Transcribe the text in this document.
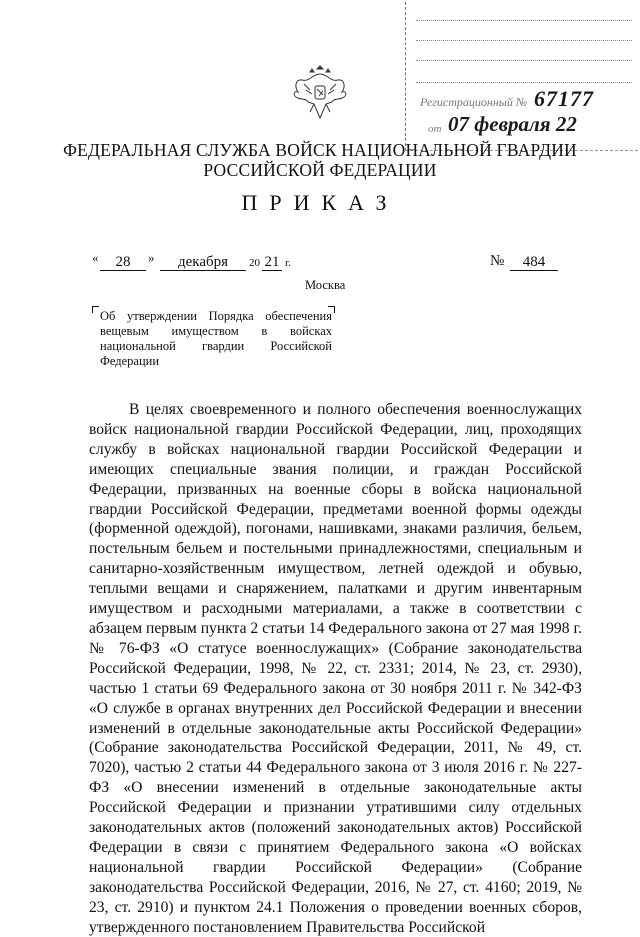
Регистрационный № 67177
от 07 февраля 22
ФЕДЕРАЛЬНАЯ СЛУЖБА ВОЙСК НАЦИОНАЛЬНОЙ ГВАРДИИ
РОССИЙСКОЙ ФЕДЕРАЦИИ
ПРИКАЗ
«	28	»	декабря	20 21 г.	№	484
Москва
Об утверждении Порядка обеспечения вещевым имуществом в войсках национальной гвардии Российской Федерации

В целях своевременного и полного обеспечения военнослужащих войск национальной гвардии Российской Федерации, лиц, проходящих службу в войсках национальной гвардии Российской Федерации и имеющих специальные звания полиции, и граждан Российской Федерации, призванных на военные сборы в войска национальной гвардии Российской Федерации, предметами военной формы одежды (форменной одеждой), погонами, нашивками, знаками различия, бельем, постельным бельем и постельными принадлежностями, специальным и санитарно-хозяйственным имуществом, летней одеждой и обувью, теплыми вещами и снаряжением, палатками и другим инвентарным имуществом и расходными материалами, а также в соответствии с абзацем первым пункта 2 статьи 14 Федерального закона от 27 мая 1998 г. № 76-ФЗ «О статусе военнослужащих» (Собрание законодательства Российской Федерации, 1998, № 22, ст. 2331; 2014, № 23, ст. 2930), частью 1 статьи 69 Федерального закона от 30 ноября 2011 г. № 342-ФЗ «О службе в органах внутренних дел Российской Федерации и внесении изменений в отдельные законодательные акты Российской Федерации» (Собрание законодательства Российской Федерации, 2011, № 49, ст. 7020), частью 2 статьи 44 Федерального закона от 3 июля 2016 г. № 227-ФЗ «О внесении изменений в отдельные законодательные акты Российской Федерации и признании утратившими силу отдельных законодательных актов (положений законодательных актов) Российской Федерации в связи с принятием Федерального закона «О войсках национальной гвардии Российской Федерации» (Собрание законодательства Российской Федерации, 2016, № 27, ст. 4160; 2019, № 23, ст. 2910) и пунктом 24.1 Положения о проведении военных сборов, утвержденного постановлением Правительства Российской
